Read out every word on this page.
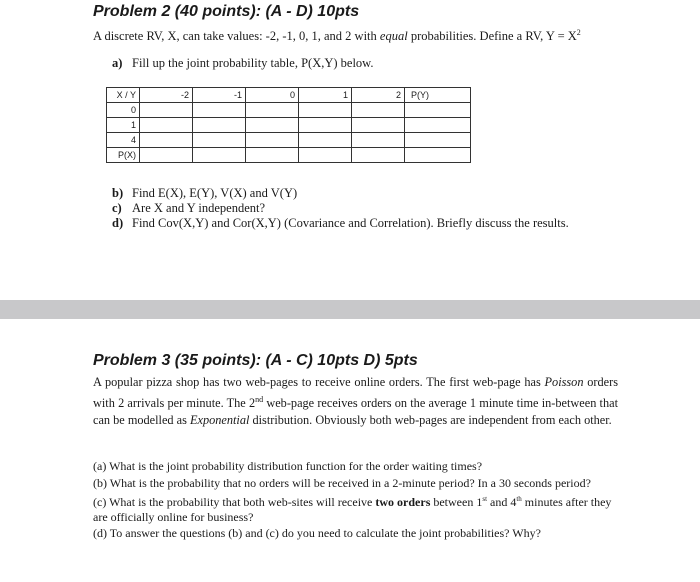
Problem 2 (40 points): (A - D) 10pts
A discrete RV, X, can take values: -2, -1, 0, 1, and 2 with equal probabilities. Define a RV, $Y = X^2$
a) Fill up the joint probability table, P(X,Y) below.
X / Y	-2	-1	0	1	2	P(Y)
0						
1						
4						
P(X)						
b) Find E(X), E(Y), V(X) and V(Y)
c) Are X and Y independent?
d) Find Cov(X,Y) and Cor(X,Y) (Covariance and Correlation). Briefly discuss the results.
Problem 3 (35 points): (A - C) 10pts D) 5pts
A popular pizza shop has two web-pages to receive online orders. The first web-page has Poisson orders with 2 arrivals per minute. The 2nd web-page receives orders on the average 1 minute time in-between that can be modelled as Exponential distribution. Obviously both web-pages are independent from each other.
(a) What is the joint probability distribution function for the order waiting times?
(b) What is the probability that no orders will be received in a 2-minute period? In a 30 seconds period?
(c) What is the probability that both web-sites will receive two orders between 1st and 4th minutes after they are officially online for business?
(d) To answer the questions (b) and (c) do you need to calculate the joint probabilities? Why?
